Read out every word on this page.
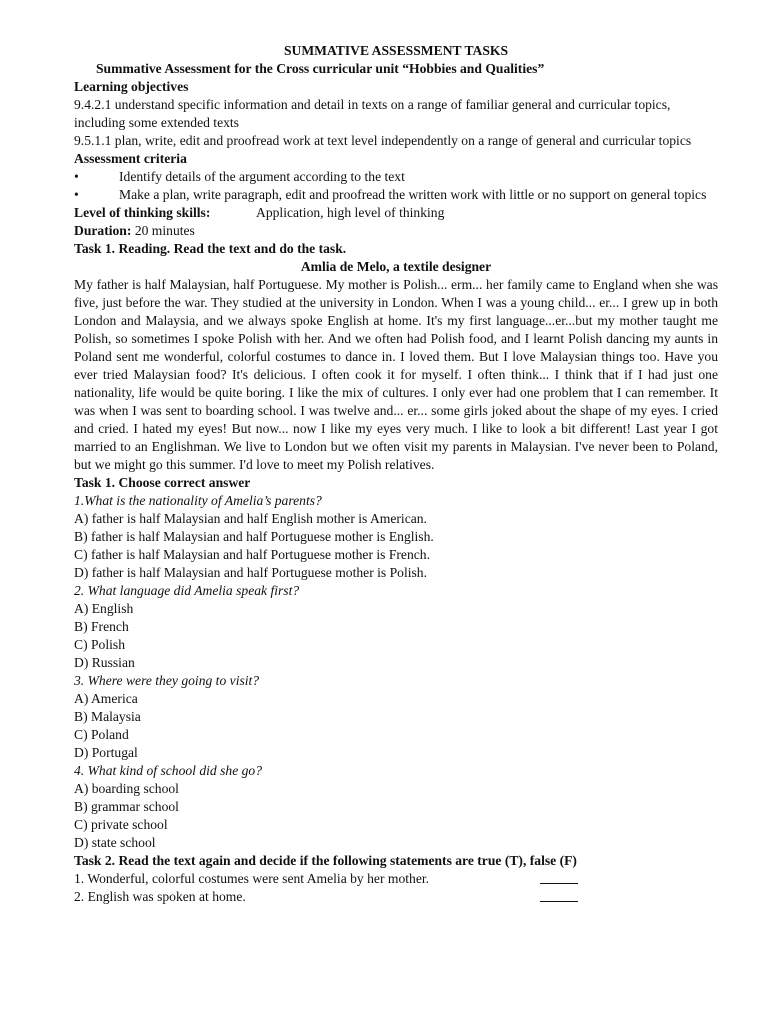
SUMMATIVE ASSESSMENT TASKS
Summative Assessment for the Cross curricular unit “Hobbies and Qualities”
Learning objectives

9.4.2.1 understand specific information and detail in texts on a range of familiar general and curricular topics, including some extended texts

9.5.1.1 plan, write, edit and proofread work at text level independently on a range of general and curricular topics

Assessment criteria
•	Identify details of the argument according to the text
•	Make a plan, write paragraph, edit and proofread the written work with little or no support on general topics
Level of thinking skills:	Application, high level of thinking
Duration: 20 minutes
Task 1. Reading. Read the text and do the task.
Amlia de Melo, a textile designer

My father is half Malaysian, half Portuguese. My mother is Polish... erm... her family came to England when she was five, just before the war. They studied at the university in London. When I was a young child... er... I grew up in both London and Malaysia, and we always spoke English at home. It's my first language...er...but my mother taught me Polish, so sometimes I spoke Polish with her. And we often had Polish food, and I learnt Polish dancing my aunts in Poland sent me wonderful, colorful costumes to dance in. I loved them. But I love Malaysian things too. Have you ever tried Malaysian food? It's delicious. I often cook it for myself. I often think... I think that if I had just one nationality, life would be quite boring. I like the mix of cultures. I only ever had one problem that I can remember. It was when I was sent to boarding school. I was twelve and... er... some girls joked about the shape of my eyes. I cried and cried. I hated my eyes! But now... now I like my eyes very much. I like to look a bit different! Last year I got married to an Englishman. We live to London but we often visit my parents in Malaysian. I've never been to Poland, but we might go this summer. I'd love to meet my Polish relatives.

Task 1. Choose correct answer
1.What is the nationality of Amelia’s parents?
A) father is half Malaysian and half English mother is American.
B) father is half Malaysian and half Portuguese mother is English.
C) father is half Malaysian and half Portuguese mother is French.
D) father is half Malaysian and half Portuguese mother is Polish.
2. What language did Amelia speak first?
A) English
B) French
C) Polish
D) Russian
3. Where were they going to visit?
A) America
B) Malaysia
C) Poland
D) Portugal
4. What kind of school did she go?
A) boarding school
B) grammar school
C) private school
D) state school
Task 2. Read the text again and decide if the following statements are true (T), false (F)
1. Wonderful, colorful costumes were sent Amelia by her mother.
2. English was spoken at home.
